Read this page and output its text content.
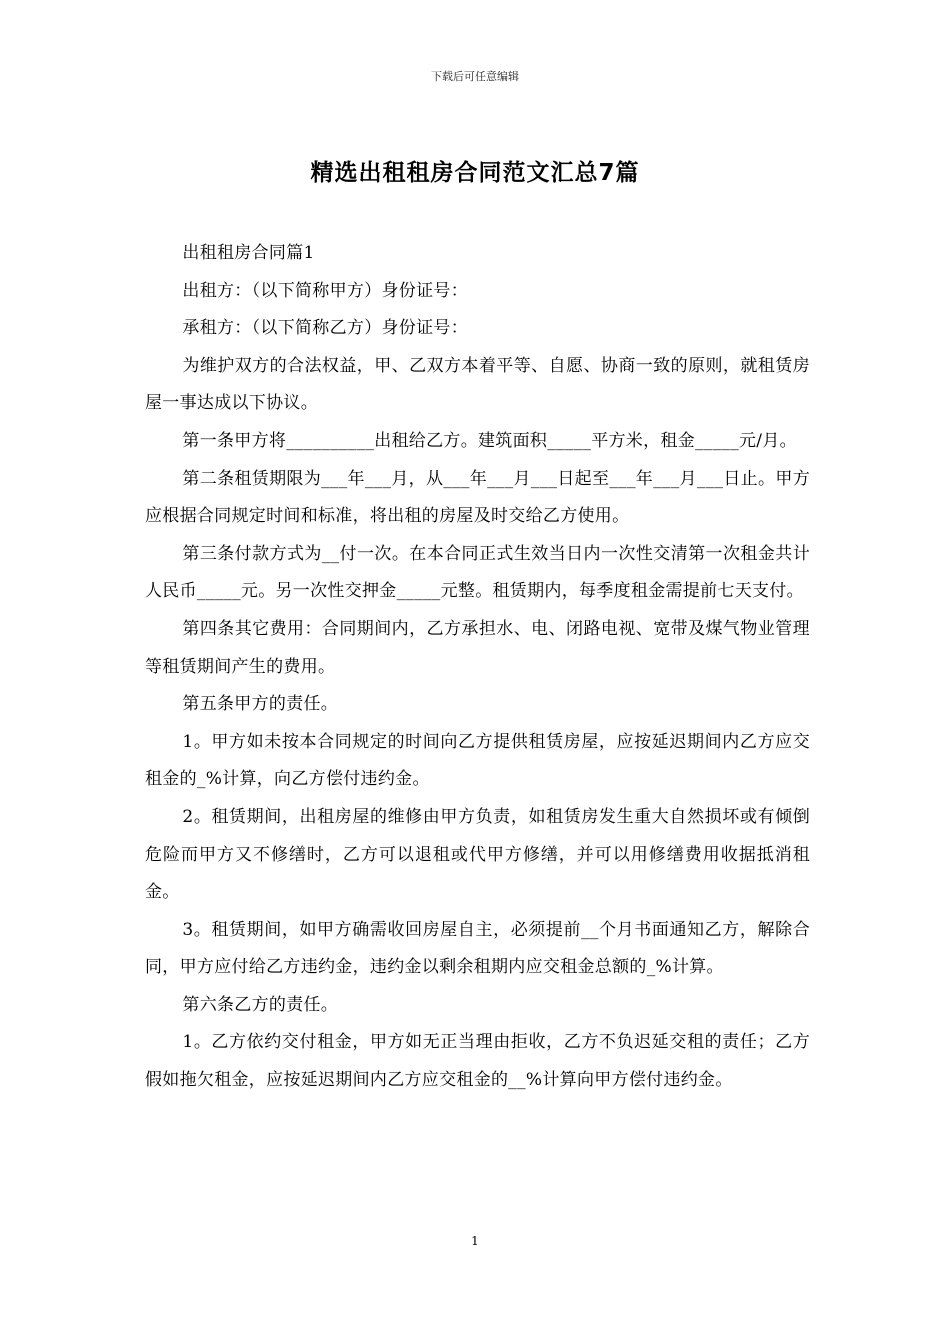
下载后可任意编辑
精选出租租房合同范文汇总7篇

出租租房合同篇1

出租方：（以下简称甲方）身份证号：

承租方：（以下简称乙方）身份证号：

为维护双方的合法权益，甲、乙双方本着平等、自愿、协商一致的原则，就租赁房屋一事达成以下协议。

第一条甲方将__________出租给乙方。建筑面积_____平方米，租金_____元/月。

第二条租赁期限为___年___月，从___年___月___日起至___年___月___日止。甲方应根据合同规定时间和标准，将出租的房屋及时交给乙方使用。

第三条付款方式为__付一次。在本合同正式生效当日内一次性交清第一次租金共计人民币_____元。另一次性交押金_____元整。租赁期内，每季度租金需提前七天支付。

第四条其它费用：合同期间内，乙方承担水、电、闭路电视、宽带及煤气物业管理等租赁期间产生的费用。

第五条甲方的责任。

1。甲方如未按本合同规定的时间向乙方提供租赁房屋，应按延迟期间内乙方应交租金的_%计算，向乙方偿付违约金。

2。租赁期间，出租房屋的维修由甲方负责，如租赁房发生重大自然损坏或有倾倒危险而甲方又不修缮时，乙方可以退租或代甲方修缮，并可以用修缮费用收据抵消租金。

3。租赁期间，如甲方确需收回房屋自主，必须提前__个月书面通知乙方，解除合同，甲方应付给乙方违约金，违约金以剩余租期内应交租金总额的_%计算。

第六条乙方的责任。

1。乙方依约交付租金，甲方如无正当理由拒收，乙方不负迟延交租的责任；乙方假如拖欠租金，应按延迟期间内乙方应交租金的__%计算向甲方偿付违约金。

1
